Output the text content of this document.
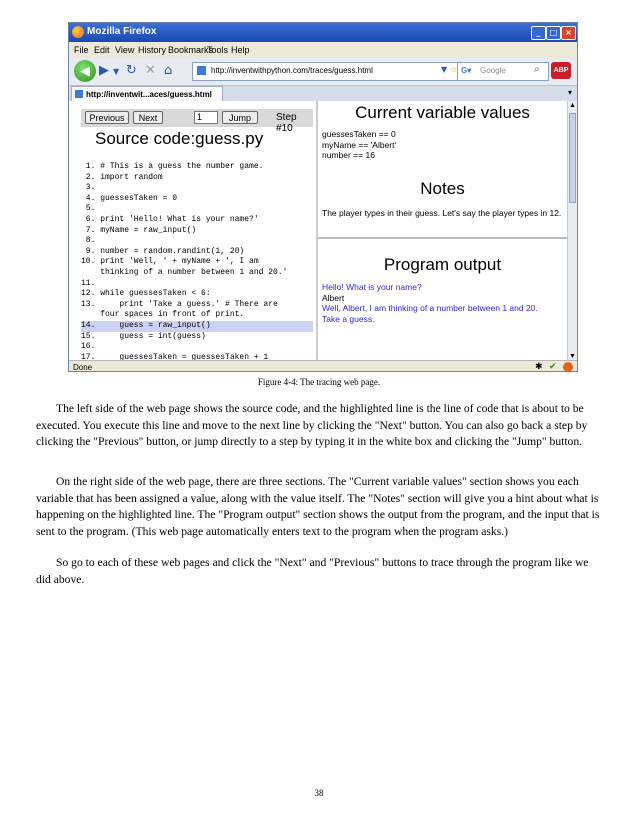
Mozilla Firefox	_	□ ×
File Edit View History Bookmarks
Tools Help
◀ ▶ ▼ ↻ ✕ ⌂	http://inventwithpython.com/traces/guess.html	▼ ☆ G▾ Google	⌕	ABP
http://inventwit...aces/guess.html	▾
Previous	Next	1	Jump	Step #10
Source code:guess.py
1. # This is a guess the number game.
2. import random
3.
4. guessesTaken = 0
5.
6. print 'Hello! What is your name?'
7. myName = raw_input()
8.
9. number = random.randint(1, 20)
10. print 'Well, ' + myName + ', I am
thinking of a number between 1 and 20.'
11.
12. while guessesTaken < 6:
13.     print 'Take a guess.' # There are
four spaces in front of print.
14.     guess = raw_input()
15.     guess = int(guess)
16.
17.     guessesTaken = guessesTaken + 1
Current variable values
guessesTaken == 0
myName == 'Albert'
number == 16
Notes
The player types in their guess. Let's say the player types in 12.
Program output
Hello! What is your name?
Albert
Well, Albert, I am thinking of a number between 1 and 20.
Take a guess.
▲
▼
Done	✱ ✔
Figure 4-4: The tracing web page.
The left side of the web page shows the source code, and the highlighted line is the line of code that is about to be executed. You execute this line and move to the next line by clicking the "Next" button. You can also go back a step by clicking the "Previous" button, or jump directly to a step by typing it in the white box and clicking the "Jump" button.
On the right side of the web page, there are three sections. The "Current variable values" section shows you each variable that has been assigned a value, along with the value itself. The "Notes" section will give you a hint about what is happening on the highlighted line. The "Program output" section shows the output from the program, and the input that is sent to the program. (This web page automatically enters text to the program when the program asks.)
So go to each of these web pages and click the "Next" and "Previous" buttons to trace through the program like we did above.
38
